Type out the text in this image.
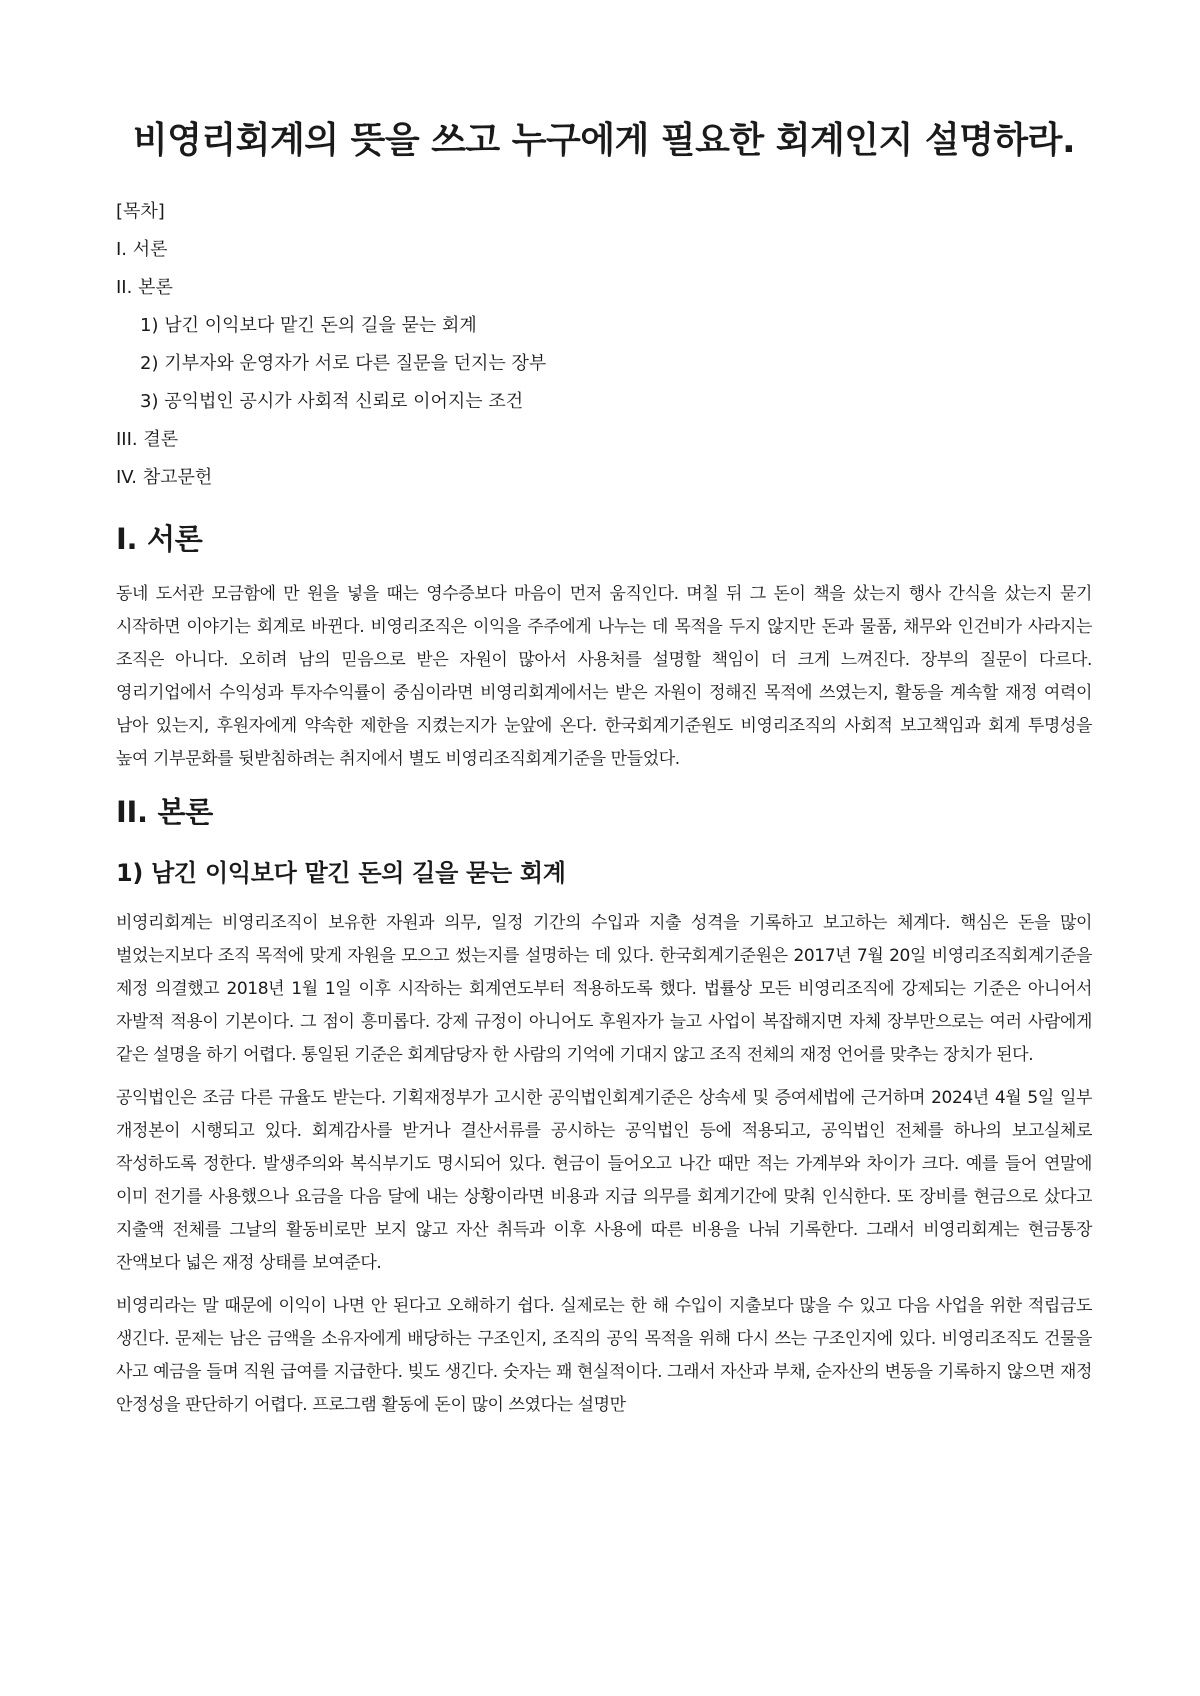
비영리회계의 뜻을 쓰고 누구에게 필요한 회계인지 설명하라.

[목차]

I. 서론

II. 본론

1) 남긴 이익보다 맡긴 돈의 길을 묻는 회계

2) 기부자와 운영자가 서로 다른 질문을 던지는 장부

3) 공익법인 공시가 사회적 신뢰로 이어지는 조건

III. 결론

IV. 참고문헌

I. 서론

동네 도서관 모금함에 만 원을 넣을 때는 영수증보다 마음이 먼저 움직인다. 며칠 뒤 그 돈이 책을 샀는지 행사 간식을 샀는지 묻기 시작하면 이야기는 회계로 바뀐다. 비영리조직은 이익을 주주에게 나누는 데 목적을 두지 않지만 돈과 물품, 채무와 인건비가 사라지는 조직은 아니다. 오히려 남의 믿음으로 받은 자원이 많아서 사용처를 설명할 책임이 더 크게 느껴진다. 장부의 질문이 다르다. 영리기업에서 수익성과 투자수익률이 중심이라면 비영리회계에서는 받은 자원이 정해진 목적에 쓰였는지, 활동을 계속할 재정 여력이 남아 있는지, 후원자에게 약속한 제한을 지켰는지가 눈앞에 온다. 한국회계기준원도 비영리조직의 사회적 보고책임과 회계 투명성을 높여 기부문화를 뒷받침하려는 취지에서 별도 비영리조직회계기준을 만들었다.

II. 본론
1) 남긴 이익보다 맡긴 돈의 길을 묻는 회계

비영리회계는 비영리조직이 보유한 자원과 의무, 일정 기간의 수입과 지출 성격을 기록하고 보고하는 체계다. 핵심은 돈을 많이 벌었는지보다 조직 목적에 맞게 자원을 모으고 썼는지를 설명하는 데 있다. 한국회계기준원은 2017년 7월 20일 비영리조직회계기준을 제정 의결했고 2018년 1월 1일 이후 시작하는 회계연도부터 적용하도록 했다. 법률상 모든 비영리조직에 강제되는 기준은 아니어서 자발적 적용이 기본이다. 그 점이 흥미롭다. 강제 규정이 아니어도 후원자가 늘고 사업이 복잡해지면 자체 장부만으로는 여러 사람에게 같은 설명을 하기 어렵다. 통일된 기준은 회계담당자 한 사람의 기억에 기대지 않고 조직 전체의 재정 언어를 맞추는 장치가 된다.

공익법인은 조금 다른 규율도 받는다. 기획재정부가 고시한 공익법인회계기준은 상속세 및 증여세법에 근거하며 2024년 4월 5일 일부 개정본이 시행되고 있다. 회계감사를 받거나 결산서류를 공시하는 공익법인 등에 적용되고, 공익법인 전체를 하나의 보고실체로 작성하도록 정한다. 발생주의와 복식부기도 명시되어 있다. 현금이 들어오고 나간 때만 적는 가계부와 차이가 크다. 예를 들어 연말에 이미 전기를 사용했으나 요금을 다음 달에 내는 상황이라면 비용과 지급 의무를 회계기간에 맞춰 인식한다. 또 장비를 현금으로 샀다고 지출액 전체를 그날의 활동비로만 보지 않고 자산 취득과 이후 사용에 따른 비용을 나눠 기록한다. 그래서 비영리회계는 현금통장 잔액보다 넓은 재정 상태를 보여준다.

비영리라는 말 때문에 이익이 나면 안 된다고 오해하기 쉽다. 실제로는 한 해 수입이 지출보다 많을 수 있고 다음 사업을 위한 적립금도 생긴다. 문제는 남은 금액을 소유자에게 배당하는 구조인지, 조직의 공익 목적을 위해 다시 쓰는 구조인지에 있다. 비영리조직도 건물을 사고 예금을 들며 직원 급여를 지급한다. 빚도 생긴다. 숫자는 꽤 현실적이다. 그래서 자산과 부채, 순자산의 변동을 기록하지 않으면 재정 안정성을 판단하기 어렵다. 프로그램 활동에 돈이 많이 쓰였다는 설명만
